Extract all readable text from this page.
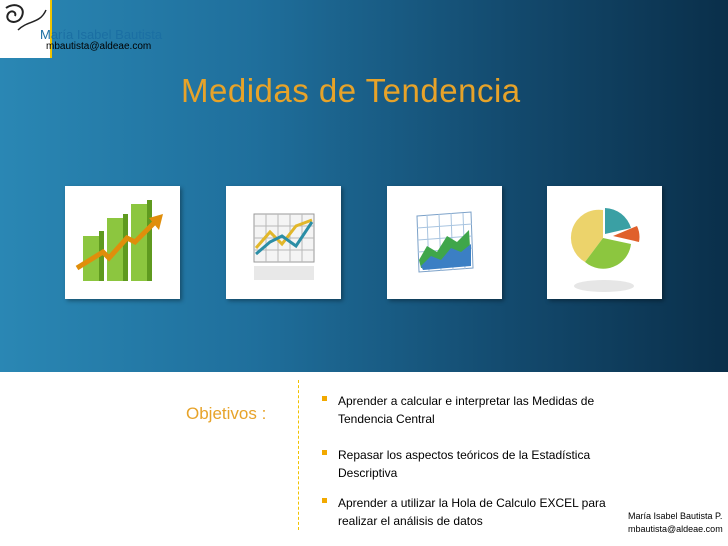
María Isabel Bautista
mbautista@aldeae.com
Medidas de Tendencia
Objetivos :
Aprender a calcular e interpretar las Medidas de Tendencia Central
Repasar los aspectos teóricos de la Estadística Descriptiva
Aprender a utilizar la Hola de Calculo EXCEL para realizar el análisis de datos	María Isabel Bautista P.
mbautista@aldeae.com
